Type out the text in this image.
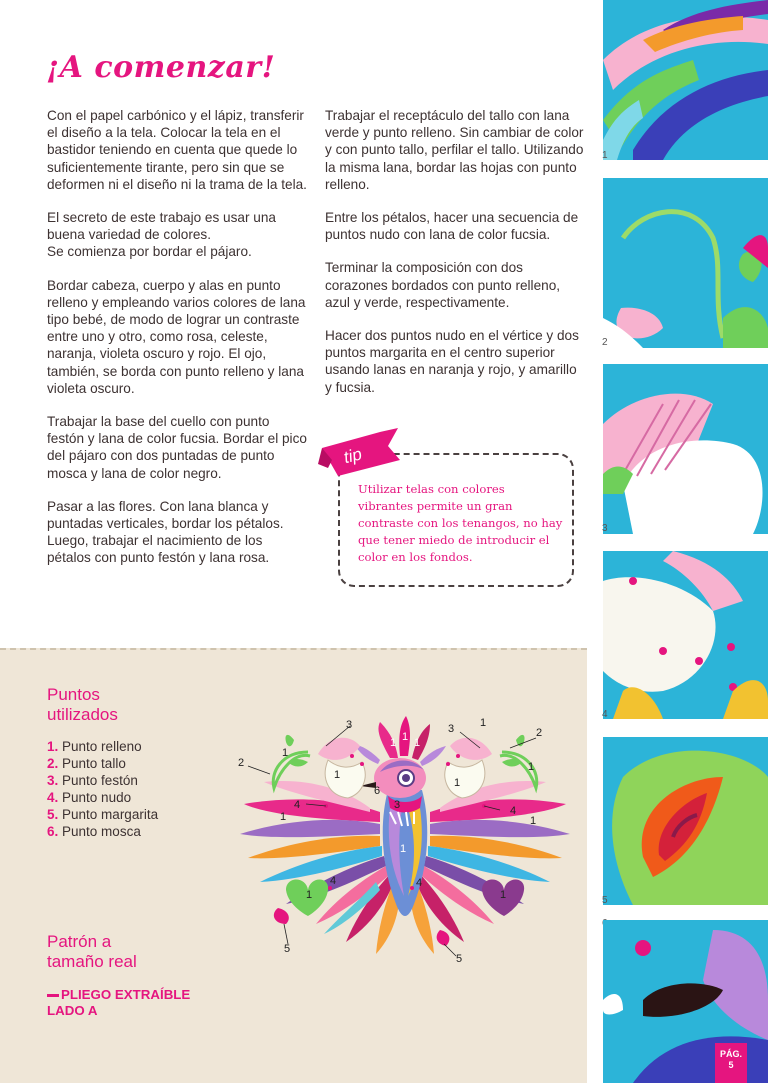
¡A comenzar!

Con el papel carbónico y el lápiz, transferir el diseño a la tela. Colocar la tela en el bastidor teniendo en cuenta que quede lo suficientemente tirante, pero sin que se deformen ni el diseño ni la trama de la tela.

El secreto de este trabajo es usar una buena variedad de colores.

Se comienza por bordar el pájaro.

Bordar cabeza, cuerpo y alas en punto relleno y empleando varios colores de lana tipo bebé, de modo de lograr un contraste entre uno y otro, como rosa, celeste, naranja, violeta oscuro y rojo. El ojo, también, se borda con punto relleno y lana violeta oscuro.

Trabajar la base del cuello con punto festón y lana de color fucsia. Bordar el pico del pájaro con dos puntadas de punto mosca y lana de color negro.

Pasar a las flores. Con lana blanca y puntadas verticales, bordar los pétalos. Luego, trabajar el nacimiento de los pétalos con punto festón y lana rosa.

Trabajar el receptáculo del tallo con lana verde y punto relleno. Sin cambiar de color y con punto tallo, perfilar el tallo. Utilizando la misma lana, bordar las hojas con punto relleno.

Entre los pétalos, hacer una secuencia de puntos nudo con lana de color fucsia.

Terminar la composición con dos corazones bordados con punto relleno, azul y verde, respectivamente.

Hacer dos puntos nudo en el vértice y dos puntos margarita en el centro superior usando lanas en naranja y rojo, y amarillo y fucsia.

tip
Utilizar telas con colores vibrantes permite un gran contraste con los tenangos, no hay que tener miedo de introducir el color en los fondos.
Puntos
utilizados
1. Punto relleno
2. Punto tallo
3. Punto festón
4. Punto nudo
5. Punto margarita
6. Punto mosca
Patrón a
tamaño real
PLIEGO EXTRAÍBLE
LADO A
3	3 1
2
2
4	4
6
3
4	4
5
5
1
1
1
1
1 1 1
1	1
1
1	1
1
2
3
4
5
PÁG.
5
